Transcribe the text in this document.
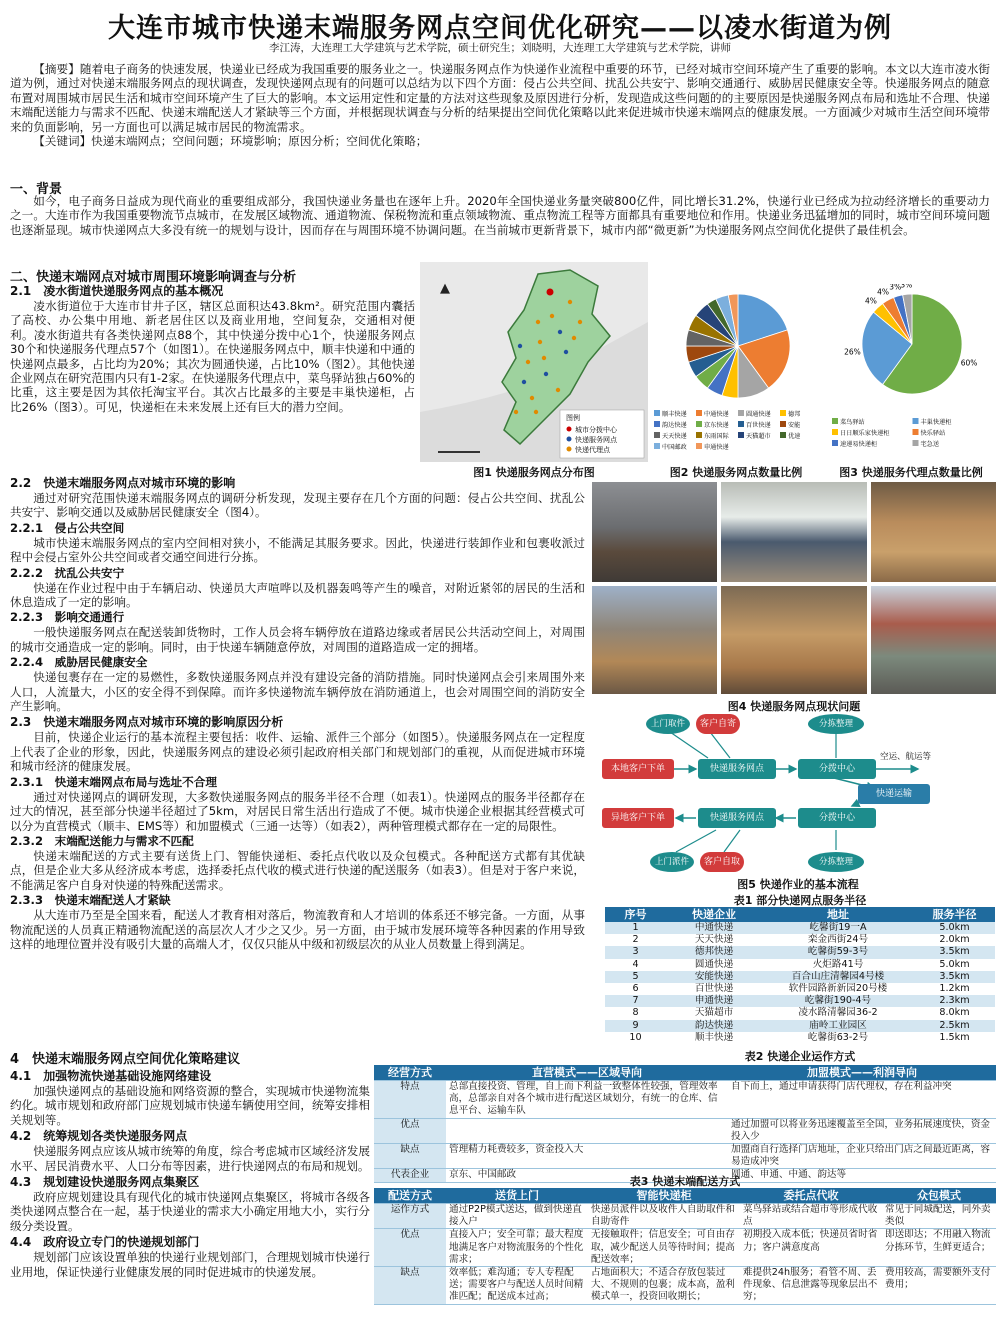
大连市城市快递末端服务网点空间优化研究——以凌水街道为例
李江涛，大连理工大学建筑与艺术学院，硕士研究生；刘晓明，大连理工大学建筑与艺术学院，讲师

【摘要】随着电子商务的快速发展，快递业已经成为我国重要的服务业之一。快递服务网点作为快递作业流程中重要的环节，已经对城市空间环境产生了重要的影响。本文以大连市凌水街道为例，通过对快递末端服务网点的现状调查，发现快递网点现有的问题可以总结为以下四个方面：侵占公共空间、扰乱公共安宁、影响交通通行、威胁居民健康安全等。快递服务网点的随意布置对周围城市居民生活和城市空间环境产生了巨大的影响。本文运用定性和定量的方法对这些现象及原因进行分析，发现造成这些问题的的主要原因是快递服务网点布局和选址不合理、快递末端配送能力与需求不匹配、快递末端配送人才紧缺等三个方面，并根据现状调查与分析的结果提出空间优化策略以此来促进城市快递末端网点的健康发展。一方面减少对城市生活空间环境带来的负面影响，另一方面也可以满足城市居民的物流需求。

【关键词】快递末端网点；空间问题；环境影响；原因分析；空间优化策略；

一、背景

如今，电子商务日益成为现代商业的重要组成部分，我国快递业务量也在逐年上升。2020年全国快递业务量突破800亿件，同比增长31.2%，快递行业已经成为拉动经济增长的重要动力之一。大连市作为我国重要物流节点城市，在发展区域物流、通道物流、保税物流和重点领域物流、重点物流工程等方面都具有重要地位和作用。快递业务迅猛增加的同时，城市空间环境问题也逐渐显现。城市快递网点大多没有统一的规划与设计，因而存在与周围环境不协调问题。在当前城市更新背景下，城市内部“微更新”为快递服务网点空间优化提供了最佳机会。

二、快递末端网点对城市周围环境影响调查与分析
2.1　凌水街道快递服务网点的基本概况

凌水街道位于大连市甘井子区，辖区总面积达43.8km²。研究范围内囊括了高校、办公集中用地、新老居住区以及商业用地，空间复杂，交通相对便利。凌水街道共有各类快递网点88个，其中快递分拨中心1个，快递服务网点30个和快递服务代理点57个（如图1）。在快递服务网点中，顺丰快递和中通的快递网点最多，占比均为20%；其次为圆通快递，占比10%（图2）。其他快递企业网点在研究范围内只有1-2家。在快递服务代理点中，菜鸟驿站独占60%的比重，这主要是因为其依托淘宝平台。其次占比最多的主要是丰巢快递柜，占比26%（图3）。可见，快递柜在未来发展上还有巨大的潜力空间。

2.2　快递末端服务网点对城市环境的影响

通过对研究范围快递末端服务网点的调研分析发现，发现主要存在几个方面的问题：侵占公共空间、扰乱公共安宁、影响交通以及威胁居民健康安全（图4）。

2.2.1　侵占公共空间

城市快递末端服务网点的室内空间相对狭小，不能满足其服务要求。因此，快递进行装卸作业和包裹收派过程中会侵占室外公共空间或者交通空间进行分拣。

2.2.2　扰乱公共安宁

快递在作业过程中由于车辆启动、快递员大声喧哗以及机器轰鸣等产生的噪音，对附近紧邻的居民的生活和休息造成了一定的影响。

2.2.3　影响交通通行

一般快递服务网点在配送装卸货物时，工作人员会将车辆停放在道路边缘或者居民公共活动空间上，对周围的城市交通造成一定的影响。同时，由于快递车辆随意停放，对周围的道路造成一定的拥堵。

2.2.4　威胁居民健康安全

快递包裹存在一定的易燃性，多数快递服务网点并没有建设完备的消防措施。同时快递网点会引来周围外来人口，人流量大，小区的安全得不到保障。而许多快递物流车辆停放在消防通道上，也会对周围空间的消防安全产生影响。

2.3　快递末端服务网点对城市环境的影响原因分析

目前，快递企业运行的基本流程主要包括：收件、运输、派件三个部分（如图5）。快递服务网点在一定程度上代表了企业的形象，因此，快递服务网点的建设必须引起政府相关部门和规划部门的重视，从而促进城市环境和城市经济的健康发展。

2.3.1　快递末端网点布局与选址不合理

通过对快递网点的调研发现，大多数快递服务网点的服务半径不合理（如表1）。快递网点的服务半径都存在过大的情况，甚至部分快递半径超过了5km，对居民日常生活出行造成了不便。城市快递企业根据其经营模式可以分为直营模式（顺丰、EMS等）和加盟模式（三通一达等）（如表2），两种管理模式都存在一定的局限性。

2.3.2　末端配送能力与需求不匹配

快递末端配送的方式主要有送货上门、智能快递柜、委托点代收以及众包模式。各种配送方式都有其优缺点，但是企业大多从经济成本考虑，选择委托点代收的模式进行快递的配送服务（如表3）。但是对于客户来说，不能满足客户自身对快递的特殊配送需求。

2.3.3　快递末端配送人才紧缺

从大连市乃至是全国来看，配送人才教育相对落后，物流教育和人才培训的体系还不够完备。一方面，从事物流配送的人员真正精通物流配送的高层次人才少之又少。另一方面，由于城市发展环境等各种因素的作用导致这样的地理位置并没有吸引大量的高端人才，仅仅只能从中级和初级层次的从业人员数量上得到满足。

4　快递末端服务网点空间优化策略建议
4.1　加强物流快递基础设施网络建设

加强快递网点的基础设施和网络资源的整合，实现城市快递物流集约化。城市规划和政府部门应规划城市快递车辆使用空间，统筹安排相关规划等。

4.2　统筹规划各类快递服务网点

快递服务网点应该从城市统筹的角度，综合考虑城市区域经济发展水平、居民消费水平、人口分布等因素，进行快递网点的布局和规划。

4.3　规划建设快递服务网点集聚区

政府应规划建设具有现代化的城市快递网点集聚区，将城市各级各类快递网点整合在一起，基于快递业的需求大小确定用地大小，实行分级分类设置。

4.4　政府设立专门的快递规划部门

规划部门应该设置单独的快递行业规划部门，合理规划城市快递行业用地，保证快递行业健康发展的同时促进城市的快递发展。

▲
图例
城市分拨中心
快递服务网点
快递代理点
图1 快递服务网点分布图
顺丰快递	中通快递	圆通快递	德邦
韵达快递	京东快递	百世快递	安能
天天快递	东雨国际	天猫超市	优速
中国邮政	申通快递
图2 快递服务网点数量比例
60%
26%
4%
4%
3% 3%
菜鸟驿站	丰巢快递柜
日日顺乐家快递柜	快乐驿站
速递易快递柜	宅急送
图3 快递服务代理点数量比例
图4 快递服务网点现状问题
上门取件	客户自寄	分拣整理
本地客户下单	快递服务网点	分拨中心
空运、航运等
快递运输
异地客户下单	快递服务网点	分拨中心
上门派件	客户自取	分拣整理
图5 快递作业的基本流程
表1 部分快递网点服务半径
序号	快递企业	地址	服务半径
1	中通快递	屹馨街19一A	5.0km
2	天天快递	栾金西街24号	2.0km
3	德邦快递	屹馨街59-3号	3.5km
4	圆通快递	火炬路41号	5.0km
5	安能快递	百合山庄清馨园4号楼	3.5km
6	百世快递	软件园路新新园20号楼	1.2km
7	申通快递	屹馨街190-4号	2.3km
8	天猫超市	凌水路清馨园36-2	8.0km
9	韵达快递	庙岭工业园区	2.5km
10	顺丰快递	屹馨街63-2号	1.5km
表2 快递企业运作方式
经营方式	直营模式——区域导向	加盟模式——利润导向
特点	总部直接投资、管理，自上而下利益一致整体性较强，管理效率高，总部亲自对各个城市进行配送区域划分，有统一的仓库、信息平台、运输车队	自下而上，通过申请获得门店代理权，存在利益冲突
优点		通过加盟可以将业务迅速覆盖至全国，业务拓展速度快，资金投入少
缺点	管理精力耗费较多，资金投入大	加盟商自行选择门店地址，企业只给出门店之间最近距离，容易造成冲突
代表企业	京东、中国邮政	圆通、申通、中通、韵达等
表3 快递末端配送方式
配送方式	送货上门	智能快递柜	委托点代收	众包模式
运作方式	通过P2P模式送达，做到快递直接入户	快递员派件以及收件人自助取件和自助寄件	菜鸟驿站或结合超市等形成代收点	常见于同城配送，同外卖类似
优点	直接入户；安全可靠；最大程度地满足客户对物流服务的个性化需求；	无接触取件；信息安全；可自由存取，减少配送人员等待时间；提高配送效率；	初期投入成本低；快递员省时省力；客户满意度高	即送即达；不用融入物流分拣环节，生鲜更适合；
缺点	效率低；难沟通；专人专程配送；需要客户与配送人员时间精准匹配；配送成本过高；	占地面积大；不适合存放包装过大、不规则的包裹；成本高，盈利模式单一，投资回收期长；	难提供24h服务；看管不周、丢件现象、信息泄露等现象层出不穷；	费用较高，需要额外支付费用；
